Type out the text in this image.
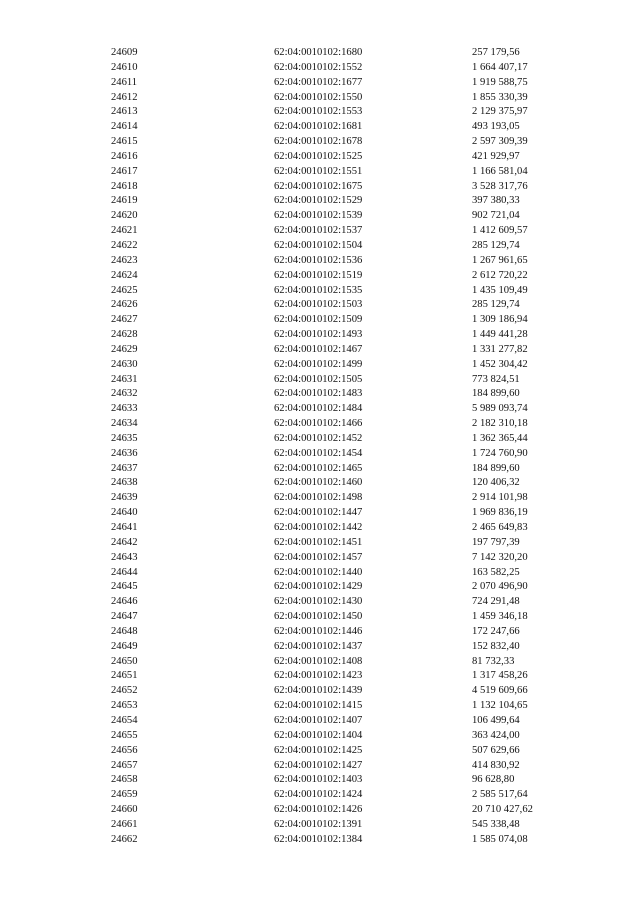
24609	62:04:0010102:1680	257 179,56
24610	62:04:0010102:1552	1 664 407,17
24611	62:04:0010102:1677	1 919 588,75
24612	62:04:0010102:1550	1 855 330,39
24613	62:04:0010102:1553	2 129 375,97
24614	62:04:0010102:1681	493 193,05
24615	62:04:0010102:1678	2 597 309,39
24616	62:04:0010102:1525	421 929,97
24617	62:04:0010102:1551	1 166 581,04
24618	62:04:0010102:1675	3 528 317,76
24619	62:04:0010102:1529	397 380,33
24620	62:04:0010102:1539	902 721,04
24621	62:04:0010102:1537	1 412 609,57
24622	62:04:0010102:1504	285 129,74
24623	62:04:0010102:1536	1 267 961,65
24624	62:04:0010102:1519	2 612 720,22
24625	62:04:0010102:1535	1 435 109,49
24626	62:04:0010102:1503	285 129,74
24627	62:04:0010102:1509	1 309 186,94
24628	62:04:0010102:1493	1 449 441,28
24629	62:04:0010102:1467	1 331 277,82
24630	62:04:0010102:1499	1 452 304,42
24631	62:04:0010102:1505	773 824,51
24632	62:04:0010102:1483	184 899,60
24633	62:04:0010102:1484	5 989 093,74
24634	62:04:0010102:1466	2 182 310,18
24635	62:04:0010102:1452	1 362 365,44
24636	62:04:0010102:1454	1 724 760,90
24637	62:04:0010102:1465	184 899,60
24638	62:04:0010102:1460	120 406,32
24639	62:04:0010102:1498	2 914 101,98
24640	62:04:0010102:1447	1 969 836,19
24641	62:04:0010102:1442	2 465 649,83
24642	62:04:0010102:1451	197 797,39
24643	62:04:0010102:1457	7 142 320,20
24644	62:04:0010102:1440	163 582,25
24645	62:04:0010102:1429	2 070 496,90
24646	62:04:0010102:1430	724 291,48
24647	62:04:0010102:1450	1 459 346,18
24648	62:04:0010102:1446	172 247,66
24649	62:04:0010102:1437	152 832,40
24650	62:04:0010102:1408	81 732,33
24651	62:04:0010102:1423	1 317 458,26
24652	62:04:0010102:1439	4 519 609,66
24653	62:04:0010102:1415	1 132 104,65
24654	62:04:0010102:1407	106 499,64
24655	62:04:0010102:1404	363 424,00
24656	62:04:0010102:1425	507 629,66
24657	62:04:0010102:1427	414 830,92
24658	62:04:0010102:1403	96 628,80
24659	62:04:0010102:1424	2 585 517,64
24660	62:04:0010102:1426	20 710 427,62
24661	62:04:0010102:1391	545 338,48
24662	62:04:0010102:1384	1 585 074,08
